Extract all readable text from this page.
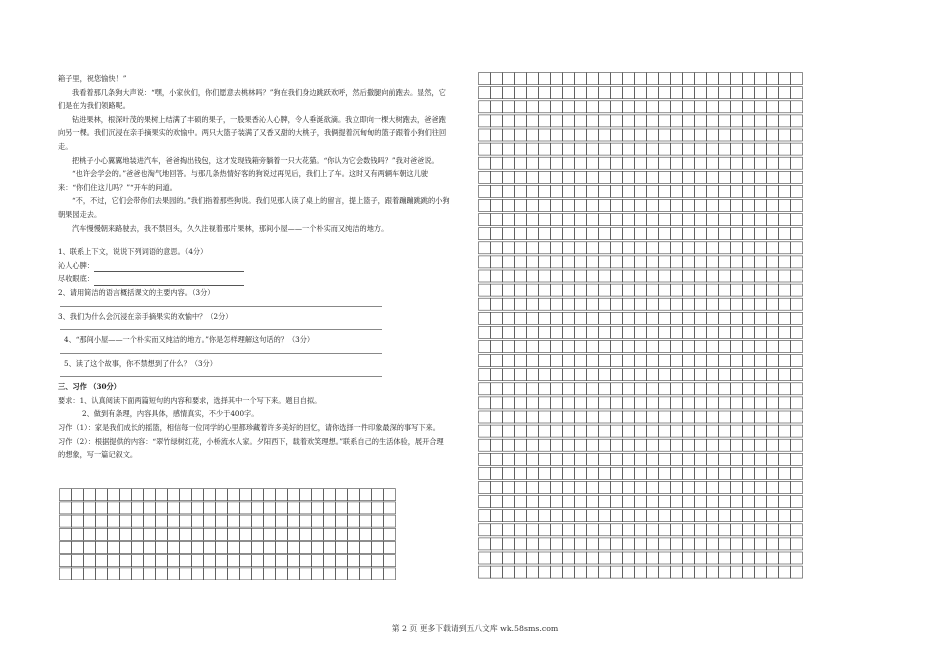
箱子里，祝您愉快！”

我看着那几条狗大声说：“嘿，小家伙们，你们愿意去桃林吗？”狗在我们身边跳跃欢呼，然后撒腿向前跑去。显然，它们是在为我们领路呢。

钻进果林，根深叶茂的果树上结满了丰硕的果子，一股果香沁人心脾，令人垂涎欲滴。我立即向一棵大树跑去，爸爸跑向另一棵。我们沉浸在亲手摘果实的欢愉中。两只大篮子装满了又香又甜的大桃子，我俩提着沉甸甸的篮子跟着小狗们往回走。

把桃子小心翼翼地装进汽车，爸爸掏出钱包，这才发现钱箱旁躺着一只大花猫。“你认为它会数钱吗？”我对爸爸说。

“也许会学会的。”爸爸也淘气地回答。与那几条热情好客的狗说过再见后，我们上了车。这时又有两辆车朝这儿驶来：“你们住这儿吗？”“开车的问道。

“不，不过，它们会带你们去果园的。”我们指着那些狗说。我们见那人读了桌上的留言，提上篮子，跟着蹦蹦跳跳的小狗朝果园走去。

汽车慢慢朝来路驶去，我不禁回头，久久注视着那片果林，那间小屋——一个朴实而又纯洁的地方。

1、联系上下文，说说下列词语的意思。（4分）

沁人心脾：

尽收眼底：

2、请用简洁的语言概括课文的主要内容。（3分）

3、我们为什么会沉浸在亲手摘果实的欢愉中？（2分）

4、“那间小屋——一个朴实而又纯洁的地方。”你是怎样理解这句话的？（3分）

5、读了这个故事，你不禁想到了什么？（3分）

三、习作 （30分）

要求：1、认真阅读下面两篇短句的内容和要求，选择其中一个写下来。题目自拟。

2、做到有条理，内容具体，感情真实，不少于400字。

习作（1）：家是我们成长的摇篮，相信每一位同学的心里都珍藏着许多美好的回忆，请你选择一件印象最深的事写下来。

习作（2）：根据提供的内容：“翠竹绿树红花，小桥流水人家。夕阳西下，载着欢笑理想。”联系自己的生活体验，展开合理的想象，写一篇记叙文。

第 2 页 更多下载请到五八文库 wk.58sms.com
